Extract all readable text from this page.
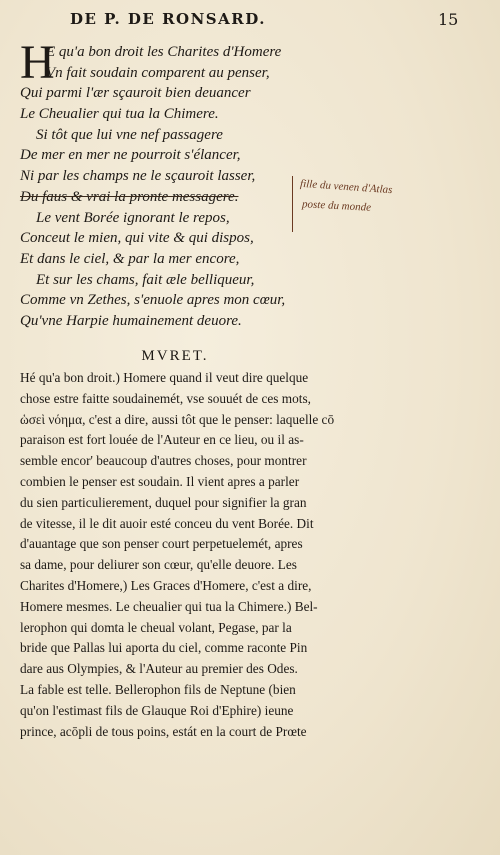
DE P. DE RONSARD.	15
H
E qu'a bon droit les Charites d'Homere
Vn fait soudain comparent au penser,
Qui parmi l'ær sçauroit bien deuancer
Le Cheualier qui tua la Chimere.
Si tôt que lui vne nef passagere
De mer en mer ne pourroit s'élancer,
Ni par les champs ne le sçauroit lasser,
Du faus & vrai la pronte messagere.
Le vent Borée ignorant le repos,
Conceut le mien, qui vite & qui dispos,
Et dans le ciel, & par la mer encore,
Et sur les chams, fait æle belliqueur,
Comme vn Zethes, s'enuole apres mon cœur,
Qu'vne Harpie humainement deuore.
fille du venen d'Atlas
poste du monde
MVRET.
Hé qu'a bon droit.) Homere quand il veut dire quelque
chose estre faitte soudainemét, vse souuét de ces mots,
ὡσεὶ νόημα, c'est a dire, aussi tôt que le penser: laquelle cō
paraison est fort louée de l'Auteur en ce lieu, ou il as-
semble encor' beaucoup d'autres choses, pour montrer
combien le penser est soudain. Il vient apres a parler
du sien particulierement, duquel pour signifier la gran
de vitesse, il le dit auoir esté conceu du vent Borée. Dit
d'auantage que son penser court perpetuelemét, apres
sa dame, pour deliurer son cœur, qu'elle deuore. Les
Charites d'Homere,) Les Graces d'Homere, c'est a dire,
Homere mesmes. Le cheualier qui tua la Chimere.) Bel-
lerophon qui domta le cheual volant, Pegase, par la
bride que Pallas lui aporta du ciel, comme raconte Pin
dare aus Olympies, & l'Auteur au premier des Odes.
La fable est telle. Bellerophon fils de Neptune (bien
qu'on l'estimast fils de Glauque Roi d'Ephire) ieune
prince, acōpli de tous poins, estát en la court de Prœte
